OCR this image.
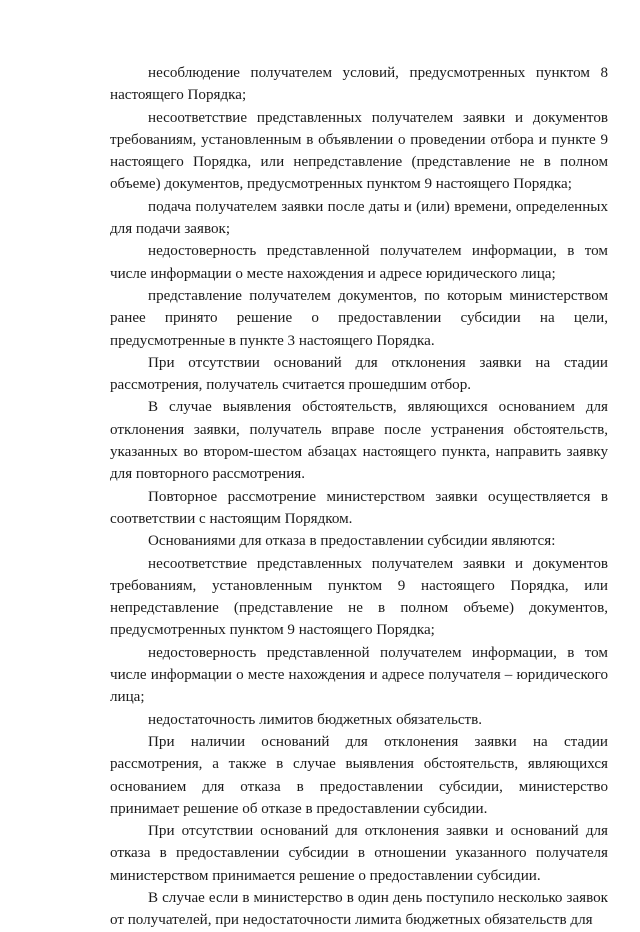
несоблюдение получателем условий, предусмотренных пунктом 8 настоящего Порядка;

несоответствие представленных получателем заявки и документов требованиям, установленным в объявлении о проведении отбора и пункте 9 настоящего Порядка, или непредставление (представление не в полном объеме) документов, предусмотренных пунктом 9 настоящего Порядка;

подача получателем заявки после даты и (или) времени, определенных для подачи заявок;

недостоверность представленной получателем информации, в том числе информации о месте нахождения и адресе юридического лица;

представление получателем документов, по которым министерством ранее принято решение о предоставлении субсидии на цели, предусмотренные в пункте 3 настоящего Порядка.

При отсутствии оснований для отклонения заявки на стадии рассмотрения, получатель считается прошедшим отбор.

В случае выявления обстоятельств, являющихся основанием для отклонения заявки, получатель вправе после устранения обстоятельств, указанных во втором-шестом абзацах настоящего пункта, направить заявку для повторного рассмотрения.

Повторное рассмотрение министерством заявки осуществляется в соответствии с настоящим Порядком.

Основаниями для отказа в предоставлении субсидии являются:

несоответствие представленных получателем заявки и документов требованиям, установленным пунктом 9 настоящего Порядка, или непредставление (представление не в полном объеме) документов, предусмотренных пунктом 9 настоящего Порядка;

недостоверность представленной получателем информации, в том числе информации о месте нахождения и адресе получателя – юридического лица;

недостаточность лимитов бюджетных обязательств.

При наличии оснований для отклонения заявки на стадии рассмотрения, а также в случае выявления обстоятельств, являющихся основанием для отказа в предоставлении субсидии, министерство принимает решение об отказе в предоставлении субсидии.

При отсутствии оснований для отклонения заявки и оснований для отказа в предоставлении субсидии в отношении указанного получателя министерством принимается решение о предоставлении субсидии.

В случае если в министерство в один день поступило несколько заявок от получателей, при недостаточности лимита бюджетных обязательств для
